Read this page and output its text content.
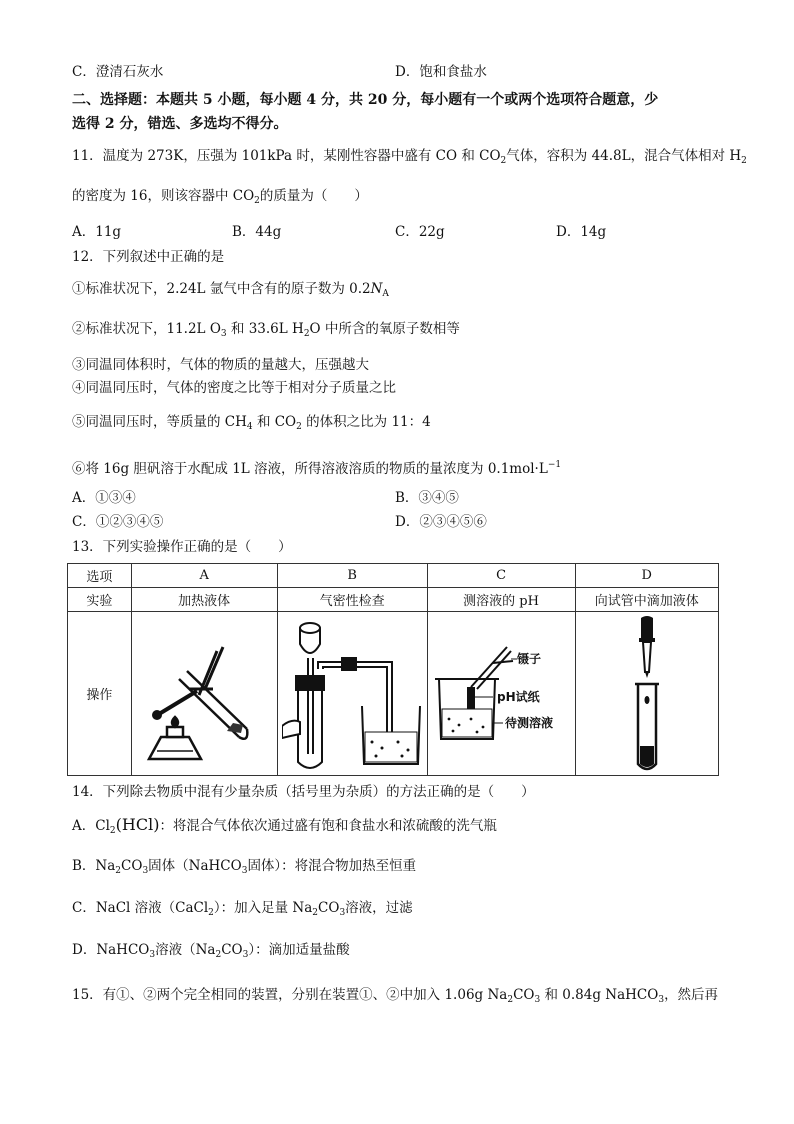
C．澄清石灰水	D．饱和食盐水
二、选择题：本题共 5 小题，每小题 4 分，共 20 分，每小题有一个或两个选项符合题意，少
选得 2 分，错选、多选均不得分。
11．温度为 273K，压强为 101kPa 时，某刚性容器中盛有 CO 和 $CO_2$气体，容积为 44.8L，混合气体相对 $H_2$
的密度为 16，则该容器中 $CO_2$的质量为（　　）
A．11g	B．44g	C．22g	D．14g
12．下列叙述中正确的是
①标准状况下，2.24L 氩气中含有的原子数为 $0.2N_A$
②标准状况下，11.2L $O_3$ 和 33.6L $H_2O$ 中所含的氧原子数相等
③同温同体积时，气体的物质的量越大，压强越大
④同温同压时，气体的密度之比等于相对分子质量之比
⑤同温同压时，等质量的 $CH_4$ 和 $CO_2$ 的体积之比为 11：4
⑥将 16g 胆矾溶于水配成 1L 溶液，所得溶液溶质的物质的量浓度为 $0.1mol\cdot L^{-1}$
A．①③④	B．③④⑤
C．①②③④⑤	D．②③④⑤⑥
13．下列实验操作正确的是（　　）
选项	A	B	C	D
实验	加热液体	气密性检查	测溶液的 pH	向试管中滴加液体
操作			镊子
pH试纸
待测溶液

14．下列除去物质中混有少量杂质（括号里为杂质）的方法正确的是（　　）
A．$Cl_2(HCl)$：将混合气体依次通过盛有饱和食盐水和浓硫酸的洗气瓶
B．$Na_2CO_3$固体（NaHCO$_3$固体）：将混合物加热至恒重
C．NaCl 溶液（CaCl$_2$）：加入足量 $Na_2CO_3$溶液，过滤
D．NaHCO$_3$溶液$(Na_2CO_3)$：滴加适量盐酸
15．有①、②两个完全相同的装置，分别在装置①、②中加入 1.06g $Na_2CO_3$ 和 0.84g NaHCO$_3$，然后再
